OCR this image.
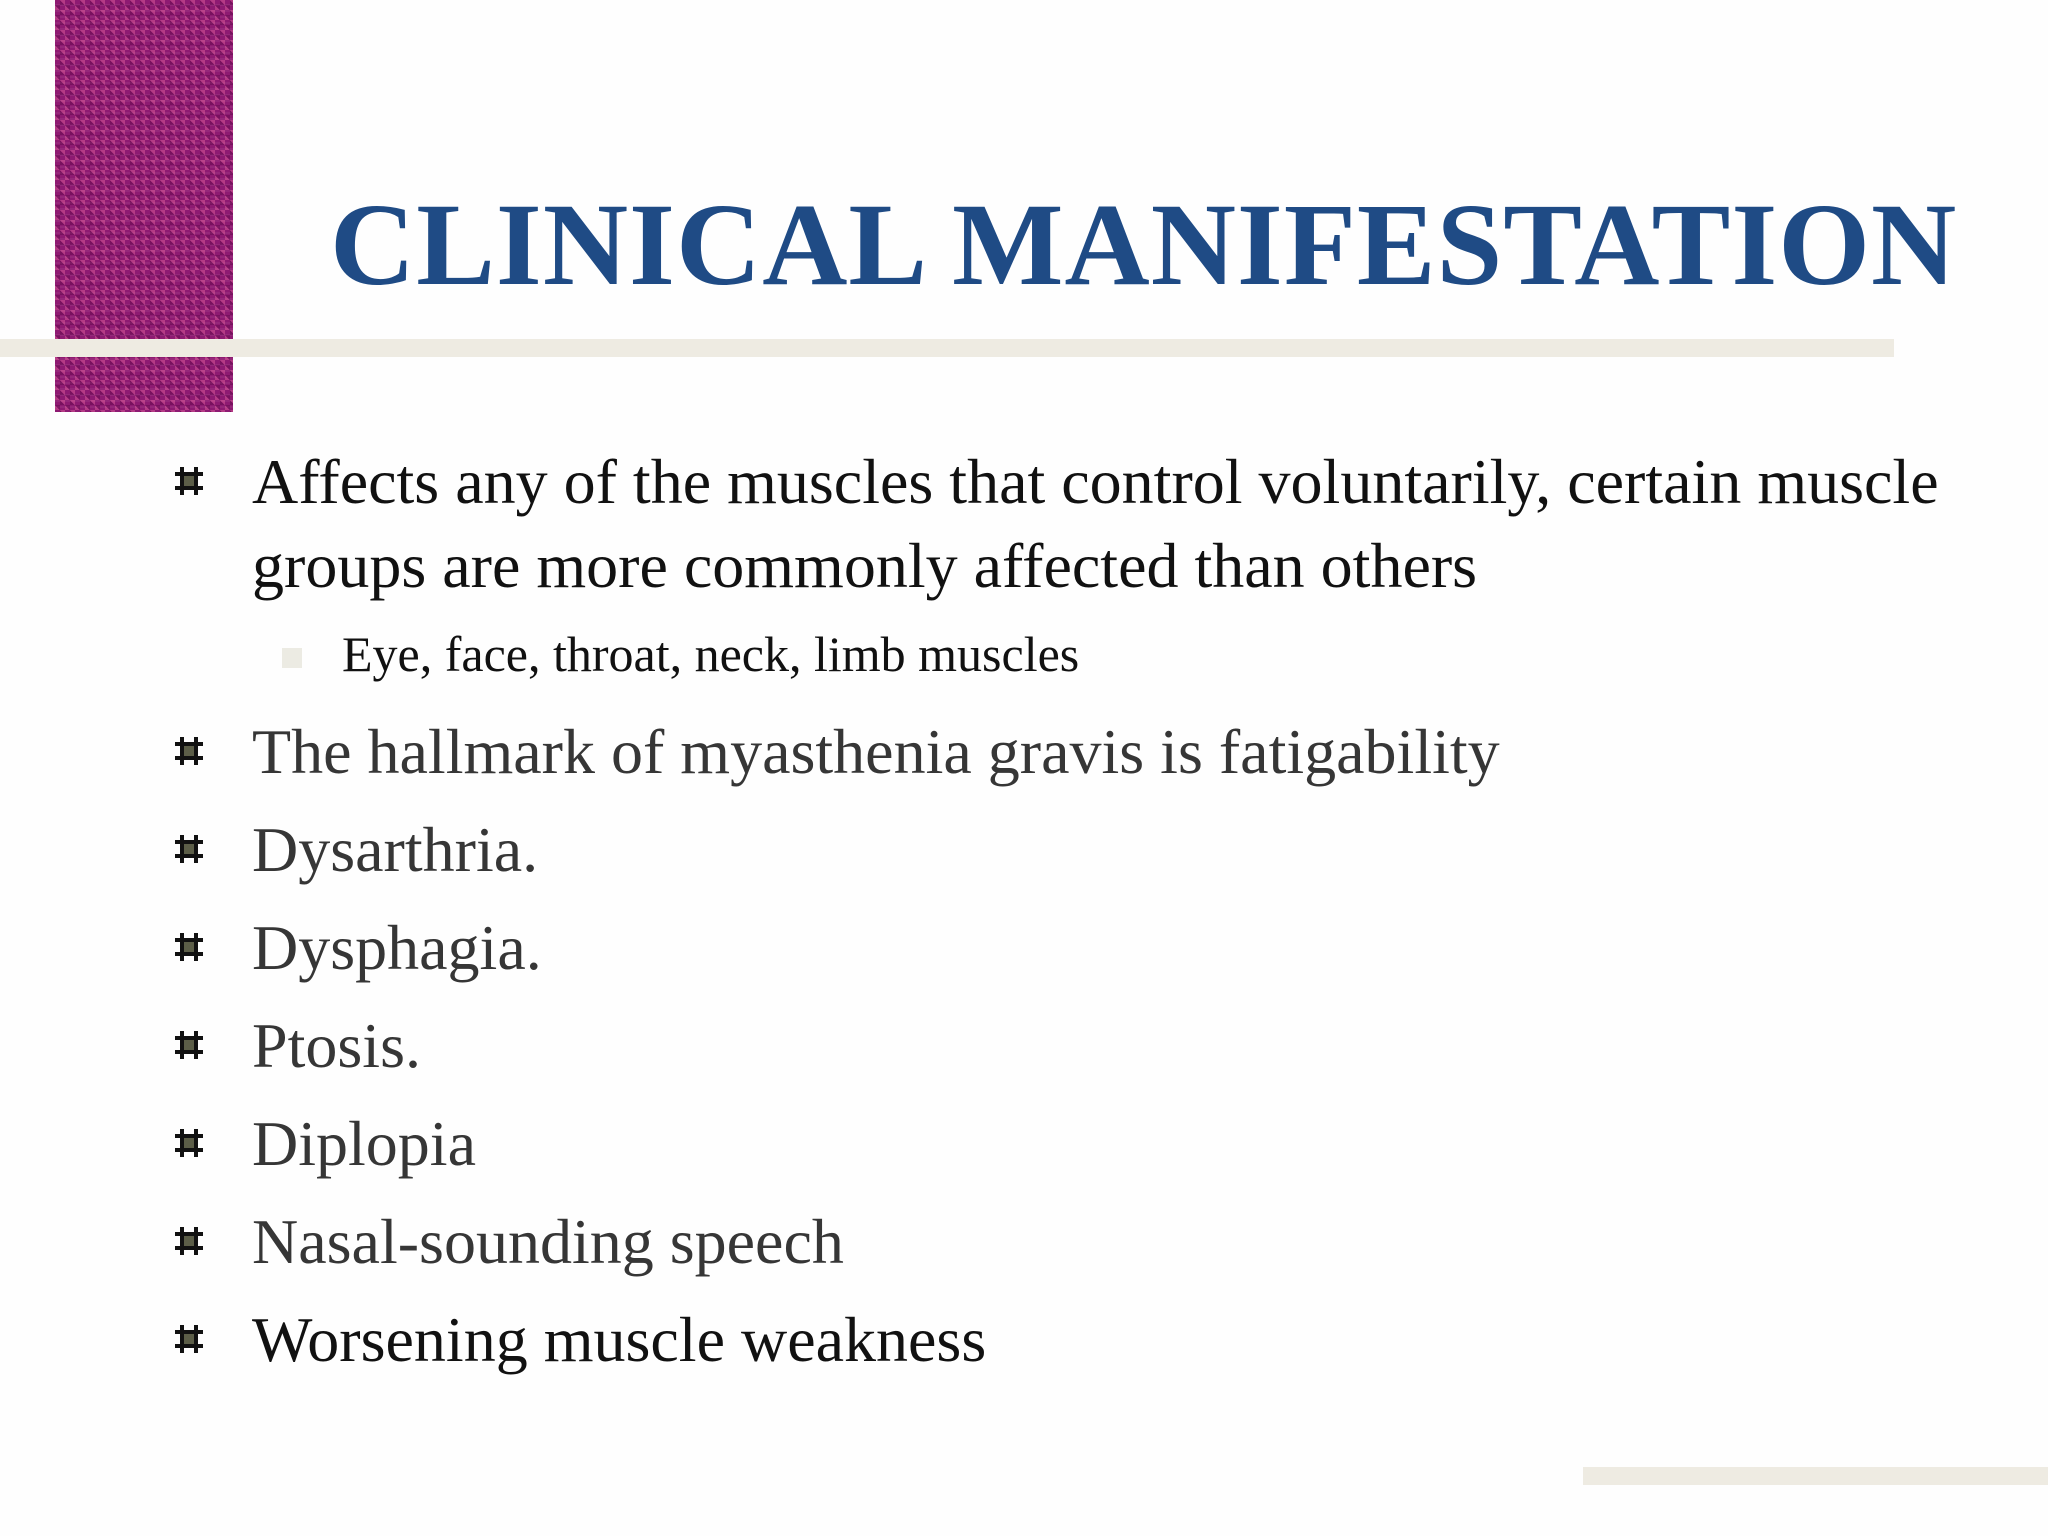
CLINICAL MANIFESTATION
Affects any of the muscles that control voluntarily, certain muscle groups are more commonly affected than others
Eye, face, throat, neck, limb muscles
The hallmark of myasthenia gravis is fatigability
Dysarthria.
Dysphagia.
Ptosis.
Diplopia
Nasal-sounding speech
Worsening muscle weakness
